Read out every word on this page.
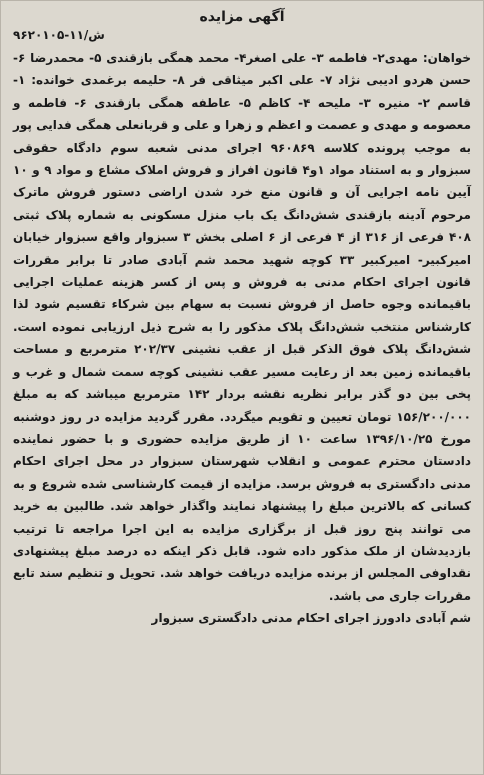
آگهی مزایده
۹۶۲۰۱۰۵-۱۱/ش

خواهان: مهدی۲- فاطمه ۳- علی اصغر۴- محمد همگی بازقندی ۵- محمدرضا ۶- حسن هردو ادیبی نژاد ۷- علی اکبر میثاقی فر ۸- حلیمه برغمدی خوانده: ۱- قاسم ۲- منیره ۳- ملیحه ۴- کاظم ۵- عاطفه همگی بازقندی ۶- فاطمه و معصومه و مهدی و عصمت و اعظم و زهرا و علی و قربانعلی همگی فدایی پور به موجب پرونده کلاسه ۹۶۰۸۶۹ اجرای مدنی شعبه سوم دادگاه حقوقی سبزوار و به استناد مواد ۱و۴ قانون افراز و فروش املاک مشاع و مواد ۹ و ۱۰ آیین نامه اجرایی آن و قانون منع خرد شدن اراضی دستور فروش ماترک مرحوم آدینه بازقندی شش‌دانگ یک باب منزل مسکونی به شماره پلاک ثبتی ۴۰۸ فرعی از ۳۱۶ از ۴ فرعی از ۶ اصلی بخش ۳ سبزوار واقع سبزوار خیابان امیرکبیر- امیرکبیر ۳۳ کوچه شهید محمد شم آبادی صادر تا برابر مقررات قانون اجرای احکام مدنی به فروش و پس از کسر هزینه عملیات اجرایی باقیمانده وجوه حاصل از فروش نسبت به سهام بین شرکاء تقسیم شود لذا کارشناس منتخب شش‌دانگ پلاک مذکور را به شرح ذیل ارزیابی نموده است. شش‌دانگ پلاک فوق الذکر قبل از عقب نشینی ۲۰۲/۳۷ مترمربع و مساحت باقیمانده زمین بعد از رعایت مسیر عقب نشینی کوچه سمت شمال و غرب و پخی بین دو گذر برابر نظریه نقشه بردار ۱۴۲ مترمربع میباشد که به مبلغ ۱۵۶/۲۰۰/۰۰۰ تومان تعیین و تقویم میگردد. مقرر گردید مزایده در روز دوشنبه مورخ ۱۳۹۶/۱۰/۲۵ ساعت ۱۰ از طریق مزایده حضوری و با حضور نماینده دادستان محترم عمومی و انقلاب شهرستان سبزوار در محل اجرای احکام مدنی دادگستری به فروش برسد. مزایده از قیمت کارشناسی شده شروع و به کسانی که بالاترین مبلغ را پیشنهاد نمایند واگذار خواهد شد. طالبین به خرید می توانند پنج روز قبل از برگزاری مزایده به این اجرا مراجعه تا ترتیب بازدیدشان از ملک مذکور داده شود. قابل ذکر اینکه ده درصد مبلغ پیشنهادی نقداوفی المجلس از برنده مزایده دریافت خواهد شد. تحویل و تنظیم سند تابع مقررات جاری می باشد.

شم آبادی دادورز اجرای احکام مدنی دادگستری سبزوار
